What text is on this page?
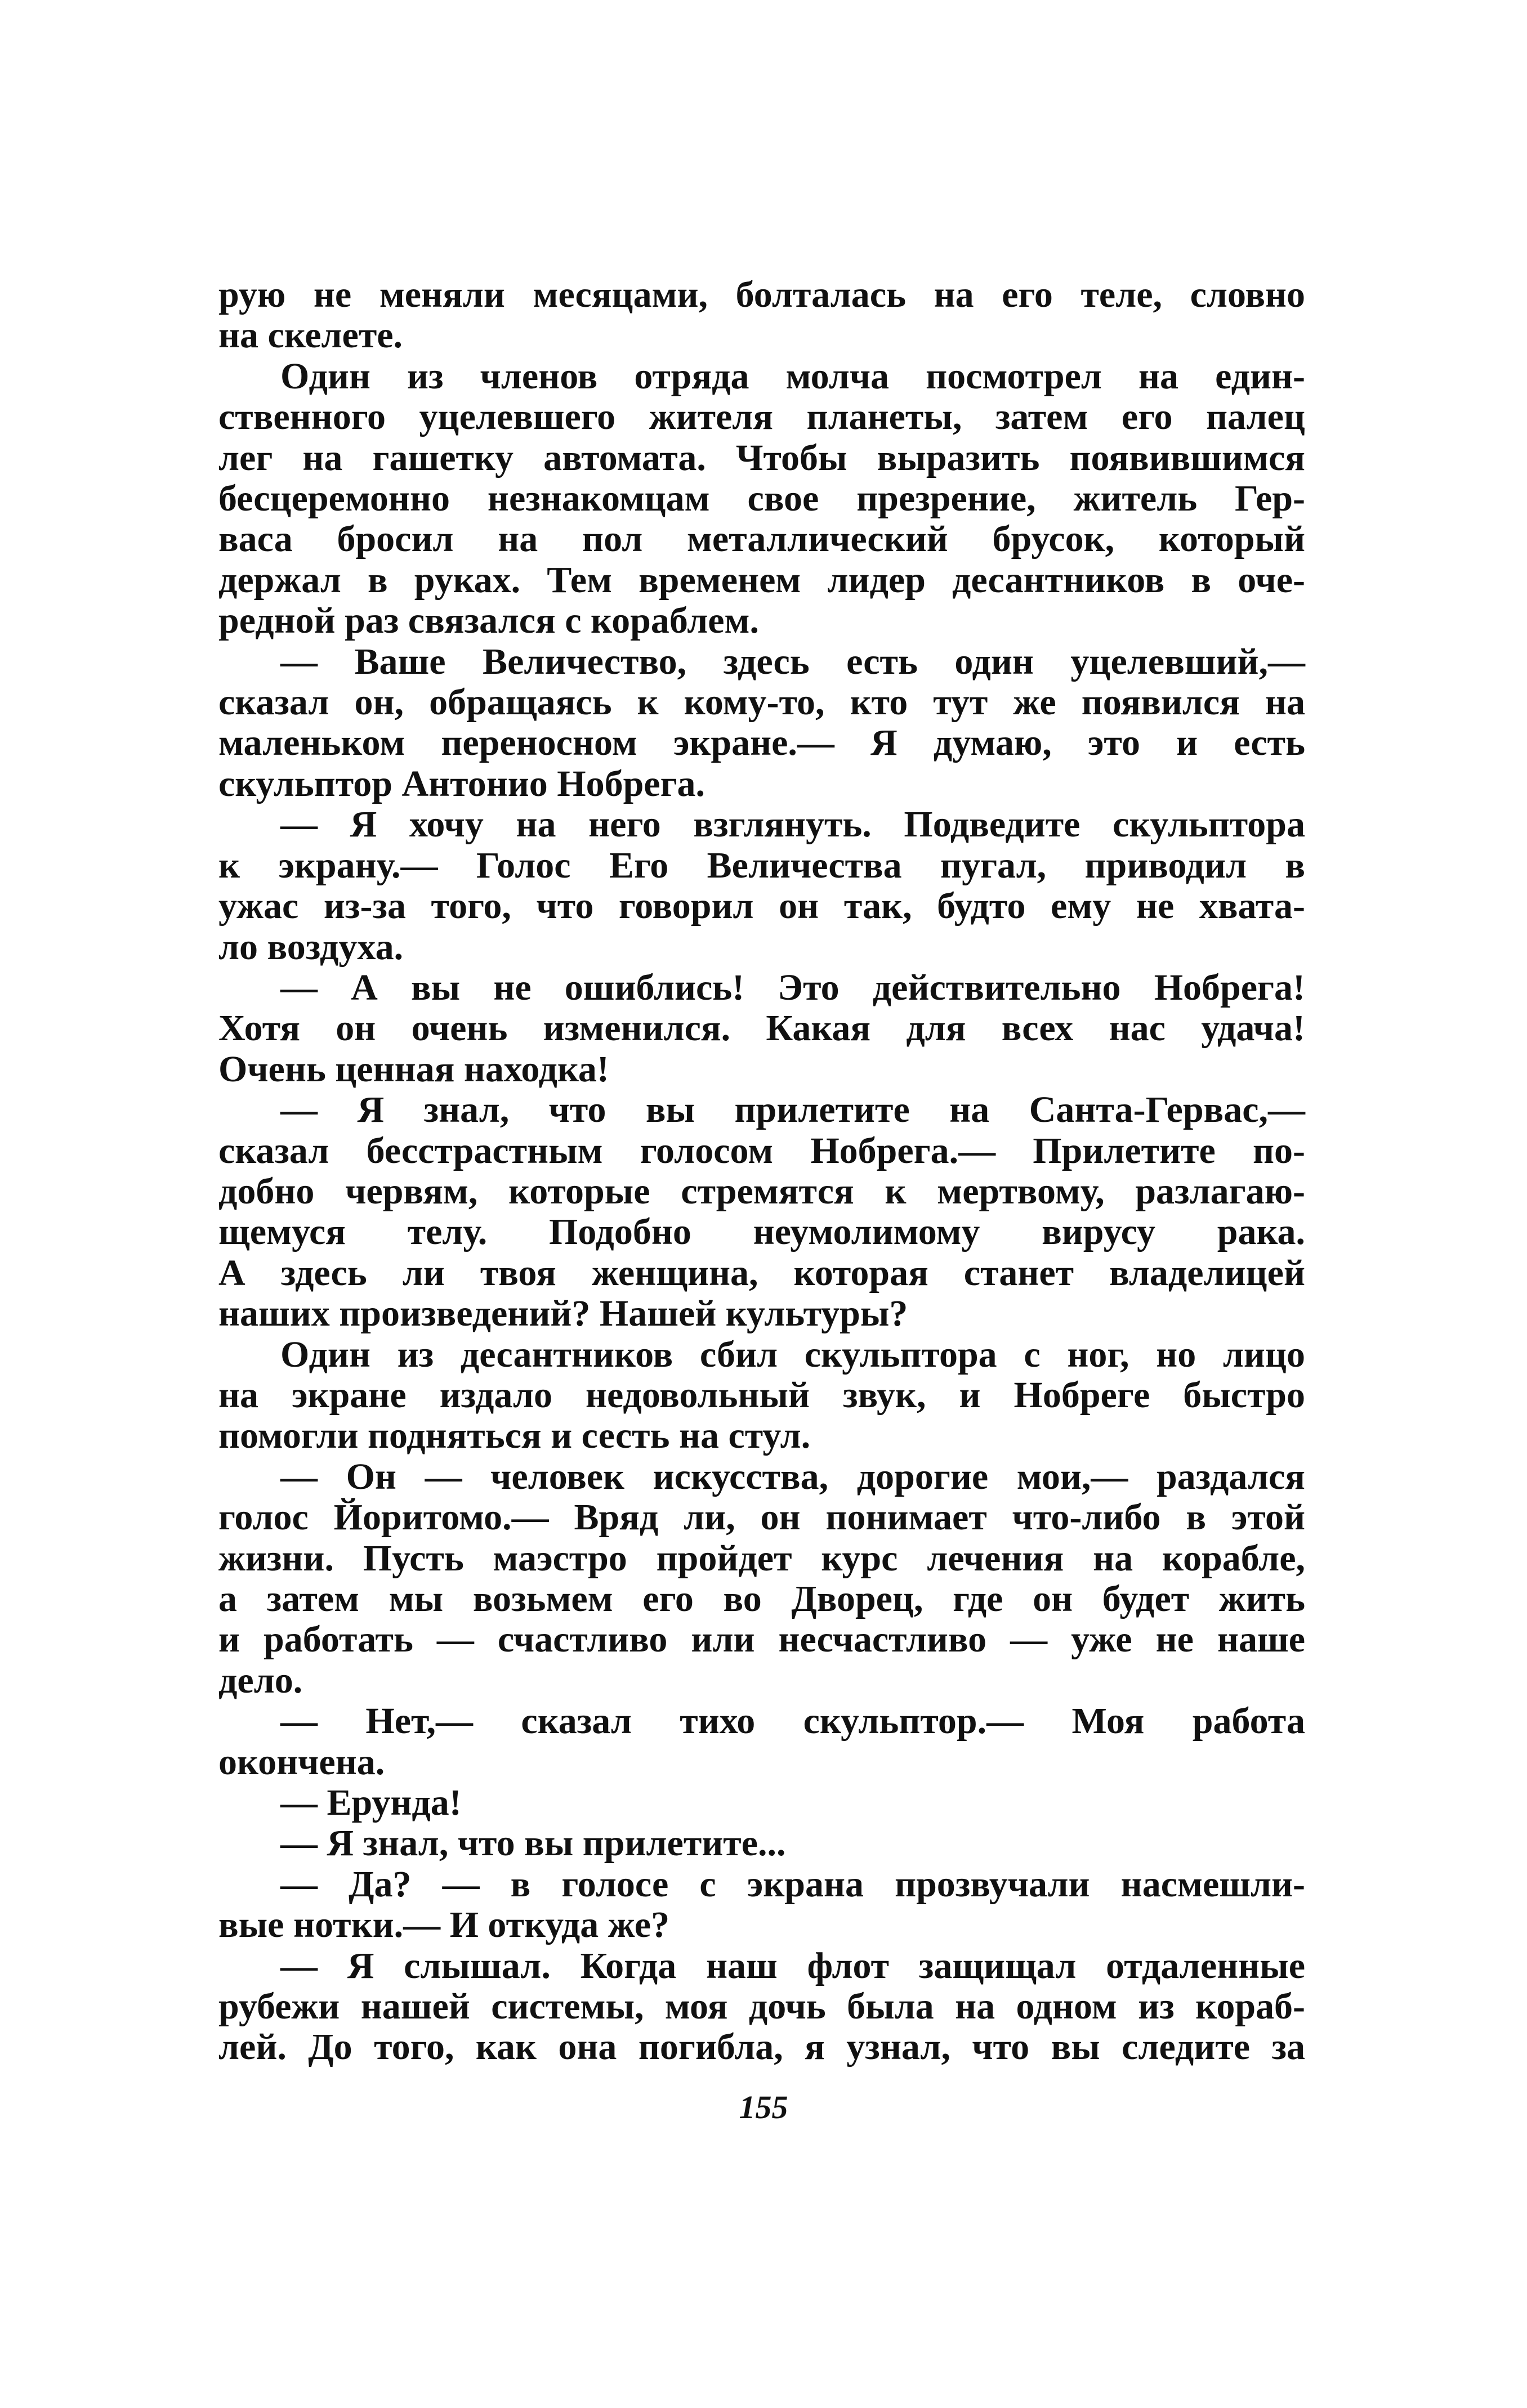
рую не меняли месяцами, болталась на его теле, словно
на скелете.
Один из членов отряда молча посмотрел на един-
ственного уцелевшего жителя планеты, затем его палец
лег на гашетку автомата. Чтобы выразить появившимся
бесцеремонно незнакомцам свое презрение, житель Гер-
васа бросил на пол металлический брусок, который
держал в руках. Тем временем лидер десантников в оче-
редной раз связался с кораблем.
— Ваше Величество, здесь есть один уцелевший,—
сказал он, обращаясь к кому-то, кто тут же появился на
маленьком переносном экране.— Я думаю, это и есть
скульптор Антонио Нобрега.
— Я хочу на него взглянуть. Подведите скульптора
к экрану.— Голос Его Величества пугал, приводил в
ужас из-за того, что говорил он так, будто ему не хвата-
ло воздуха.
— А вы не ошиблись! Это действительно Нобрега!
Хотя он очень изменился. Какая для всех нас удача!
Очень ценная находка!
— Я знал, что вы прилетите на Санта-Гервас,—
сказал бесстрастным голосом Нобрега.— Прилетите по-
добно червям, которые стремятся к мертвому, разлагаю-
щемуся телу. Подобно неумолимому вирусу рака.
А здесь ли твоя женщина, которая станет владелицей
наших произведений? Нашей культуры?
Один из десантников сбил скульптора с ног, но лицо
на экране издало недовольный звук, и Нобреге быстро
помогли подняться и сесть на стул.
— Он — человек искусства, дорогие мои,— раздался
голос Йоритомо.— Вряд ли, он понимает что-либо в этой
жизни. Пусть маэстро пройдет курс лечения на корабле,
а затем мы возьмем его во Дворец, где он будет жить
и работать — счастливо или несчастливо — уже не наше
дело.
— Нет,— сказал тихо скульптор.— Моя работа
окончена.
— Ерунда!
— Я знал, что вы прилетите...
— Да? — в голосе с экрана прозвучали насмешли-
вые нотки.— И откуда же?
— Я слышал. Когда наш флот защищал отдаленные
рубежи нашей системы, моя дочь была на одном из кораб-
лей. До того, как она погибла, я узнал, что вы следите за
155
